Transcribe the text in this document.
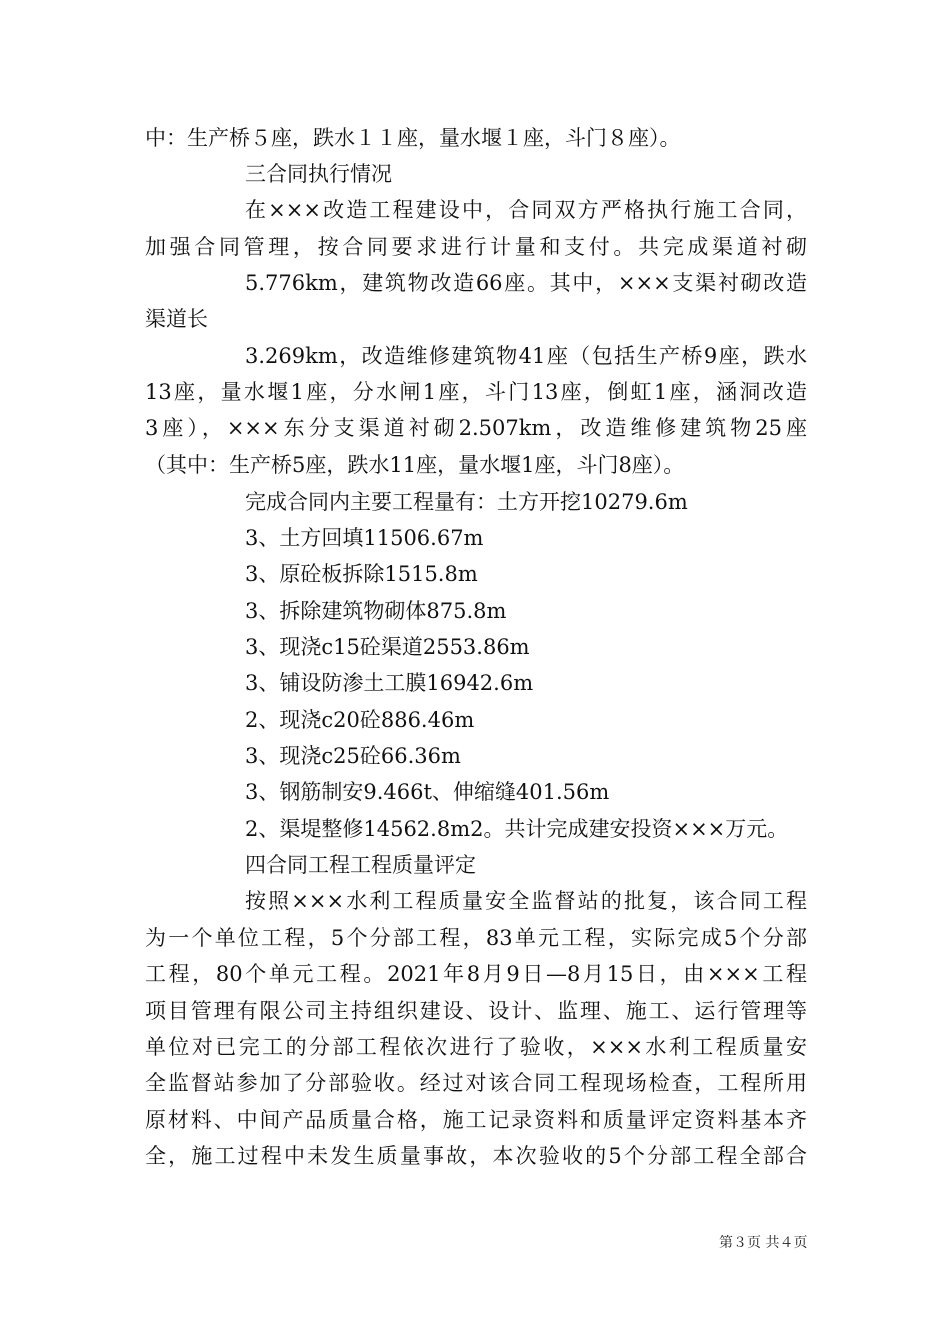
中：生产桥５座，跌水１１座，量水堰１座，斗门８座）。
三合同执行情况
在×××改造工程建设中，合同双方严格执行施工合同，
加强合同管理，按合同要求进行计量和支付。共完成渠道衬砌
5.776km，建筑物改造66座。其中，×××支渠衬砌改造
渠道长
3.269km，改造维修建筑物41座（包括生产桥9座，跌水
13座，量水堰1座，分水闸1座，斗门13座，倒虹1座，涵洞改造
3座），×××东分支渠道衬砌2.507km，改造维修建筑物25座
（其中：生产桥5座，跌水11座，量水堰1座，斗门8座）。
完成合同内主要工程量有：土方开挖10279.6m
3、土方回填11506.67m
3、原砼板拆除1515.8m
3、拆除建筑物砌体875.8m
3、现浇c15砼渠道2553.86m
3、铺设防渗土工膜16942.6m
2、现浇c20砼886.46m
3、现浇c25砼66.36m
3、钢筋制安9.466t、伸缩缝401.56m
2、渠堤整修14562.8m2。共计完成建安投资×××万元。
四合同工程工程质量评定
按照×××水利工程质量安全监督站的批复，该合同工程
为一个单位工程，5个分部工程，83单元工程，实际完成5个分部
工程，80个单元工程。2021年8月9日—8月15日，由×××工程
项目管理有限公司主持组织建设、设计、监理、施工、运行管理等
单位对已完工的分部工程依次进行了验收，×××水利工程质量安
全监督站参加了分部验收。经过对该合同工程现场检查，工程所用
原材料、中间产品质量合格，施工记录资料和质量评定资料基本齐
全，施工过程中未发生质量事故，本次验收的5个分部工程全部合
第３页 共４页
